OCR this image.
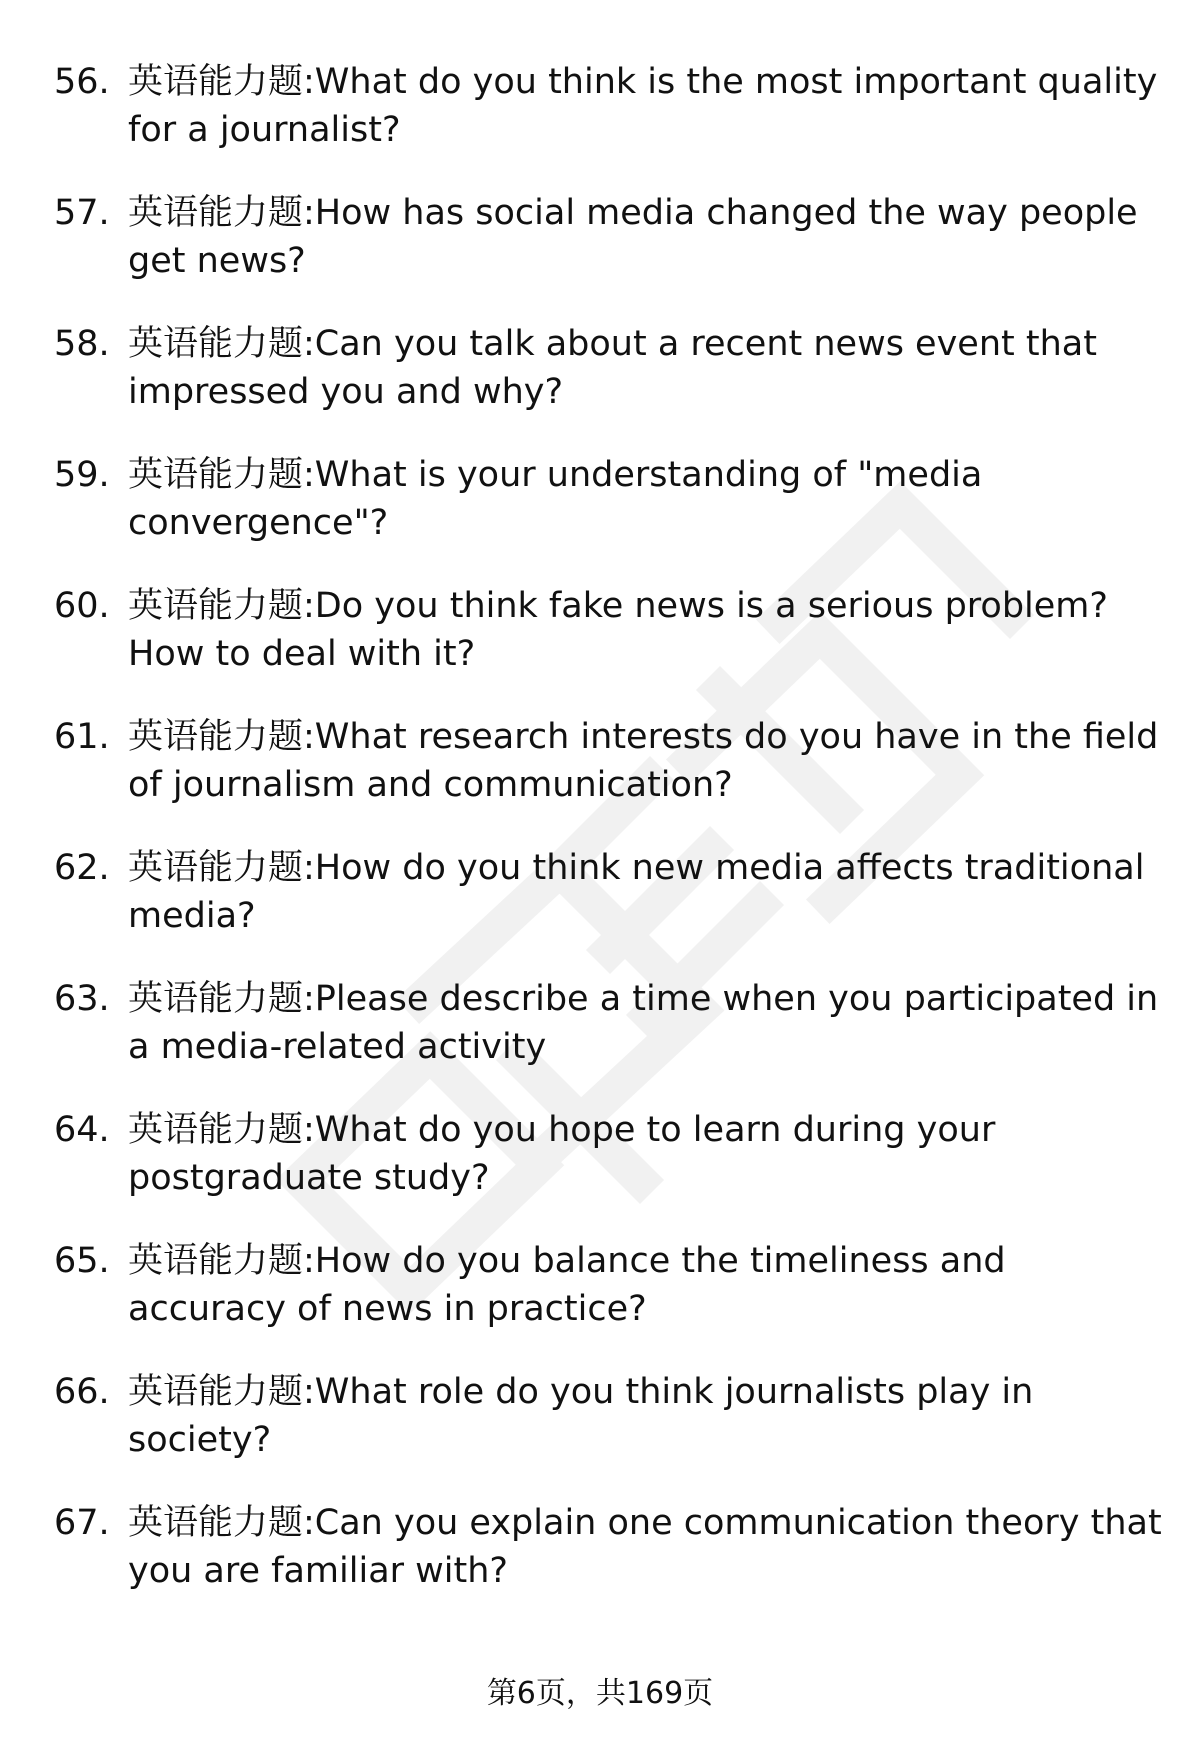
56. 英语能力题:What do you think is the most important quality for a journalist?
57. 英语能力题:How has social media changed the way people get news?
58. 英语能力题:Can you talk about a recent news event that impressed you and why?
59. 英语能力题:What is your understanding of "media convergence"?
60. 英语能力题:Do you think fake news is a serious problem? How to deal with it?
61. 英语能力题:What research interests do you have in the field of journalism and communication?
62. 英语能力题:How do you think new media affects traditional media?
63. 英语能力题:Please describe a time when you participated in a media-related activity
64. 英语能力题:What do you hope to learn during your postgraduate study?
65. 英语能力题:How do you balance the timeliness and accuracy of news in practice?
66. 英语能力题:What role do you think journalists play in society?
67. 英语能力题:Can you explain one communication theory that you are familiar with?
第6页，共169页
